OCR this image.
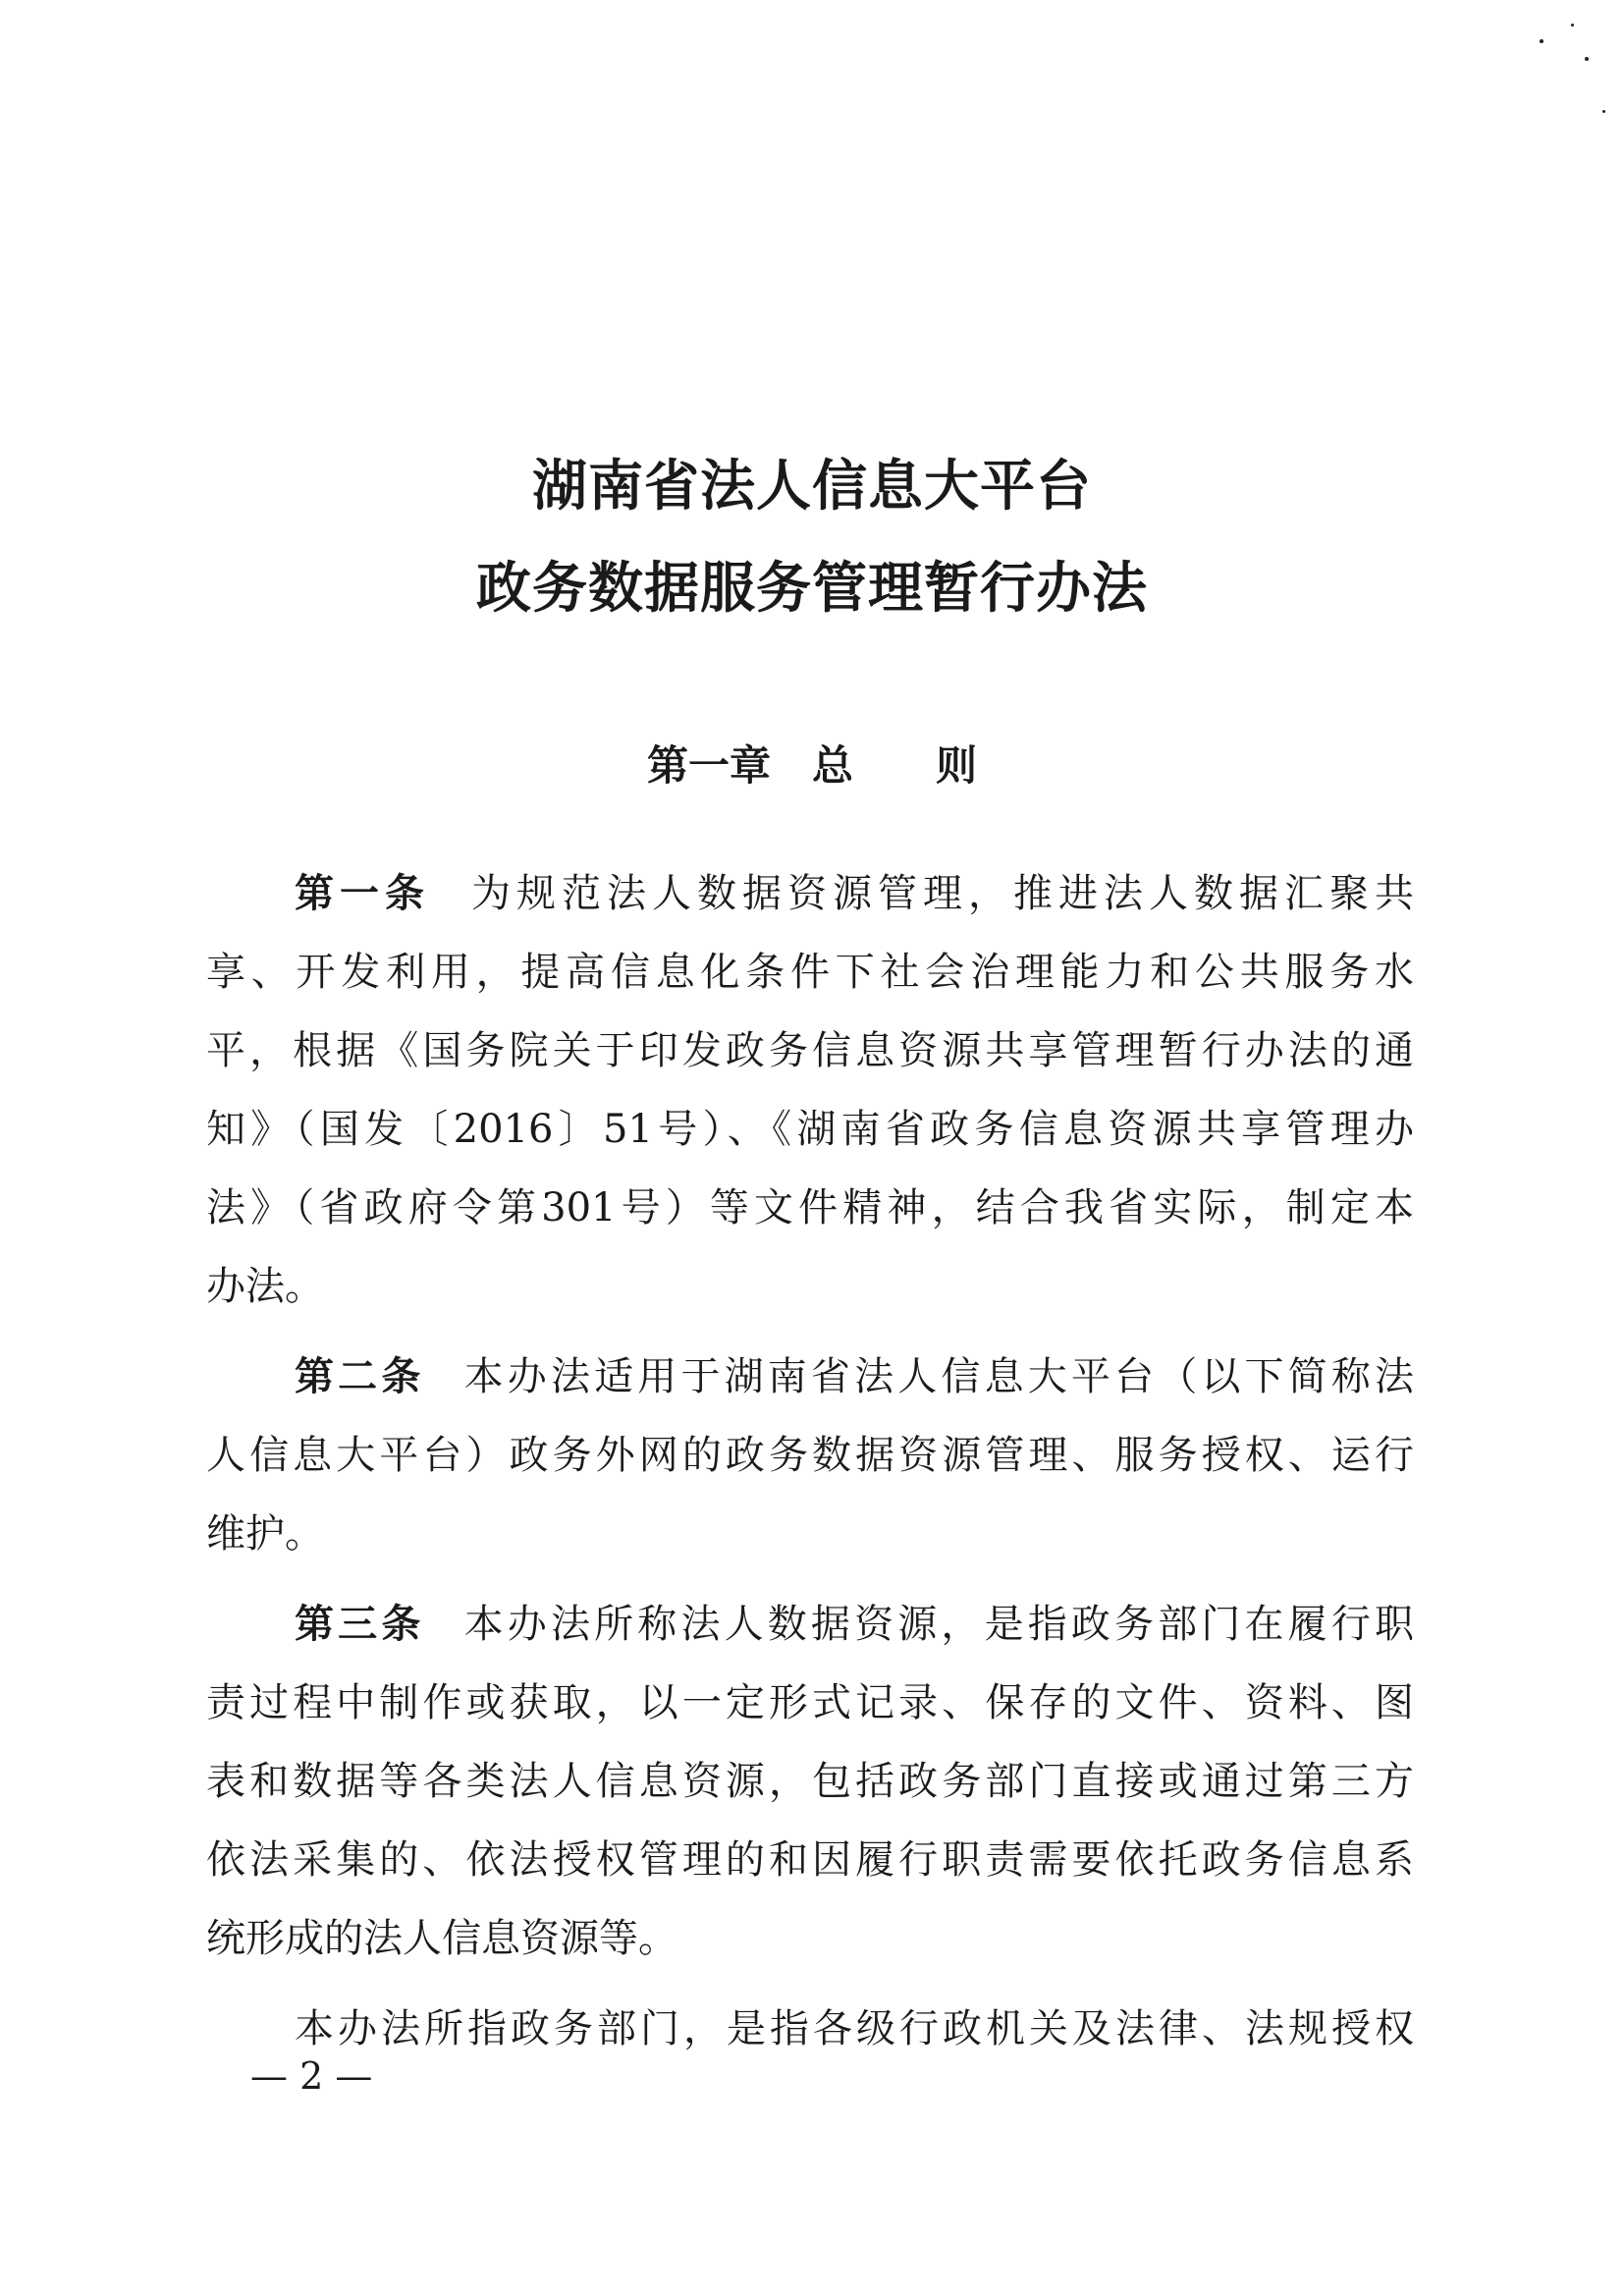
湖南省法人信息大平台
政务数据服务管理暂行办法
第一章　总　　则

第一条 为规范法人数据资源管理，推进法人数据汇聚共

享、开发利用，提高信息化条件下社会治理能力和公共服务水

平，根据《国务院关于印发政务信息资源共享管理暂行办法的通

知》（国发〔2016〕51号）、《湖南省政务信息资源共享管理办

法》（省政府令第301号）等文件精神，结合我省实际，制定本

办法。

第二条 本办法适用于湖南省法人信息大平台（以下简称法

人信息大平台）政务外网的政务数据资源管理、服务授权、运行

维护。

第三条 本办法所称法人数据资源，是指政务部门在履行职

责过程中制作或获取，以一定形式记录、保存的文件、资料、图

表和数据等各类法人信息资源，包括政务部门直接或通过第三方

依法采集的、依法授权管理的和因履行职责需要依托政务信息系

统形成的法人信息资源等。

本办法所指政务部门，是指各级行政机关及法律、法规授权

— 2 —
